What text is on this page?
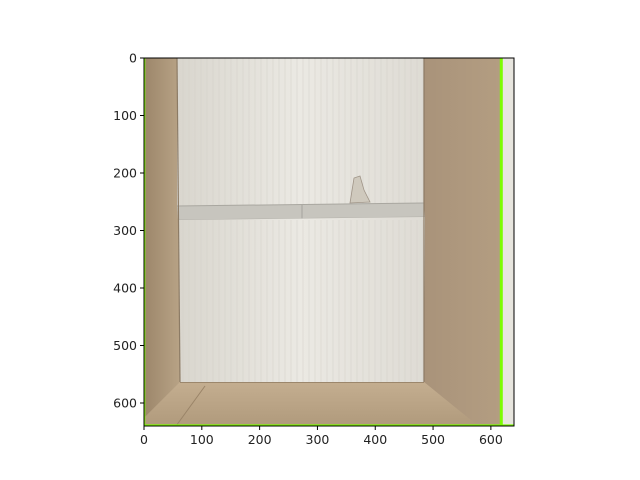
0	100	200	300	400	500	600
0
100
200
300
400
500
600
